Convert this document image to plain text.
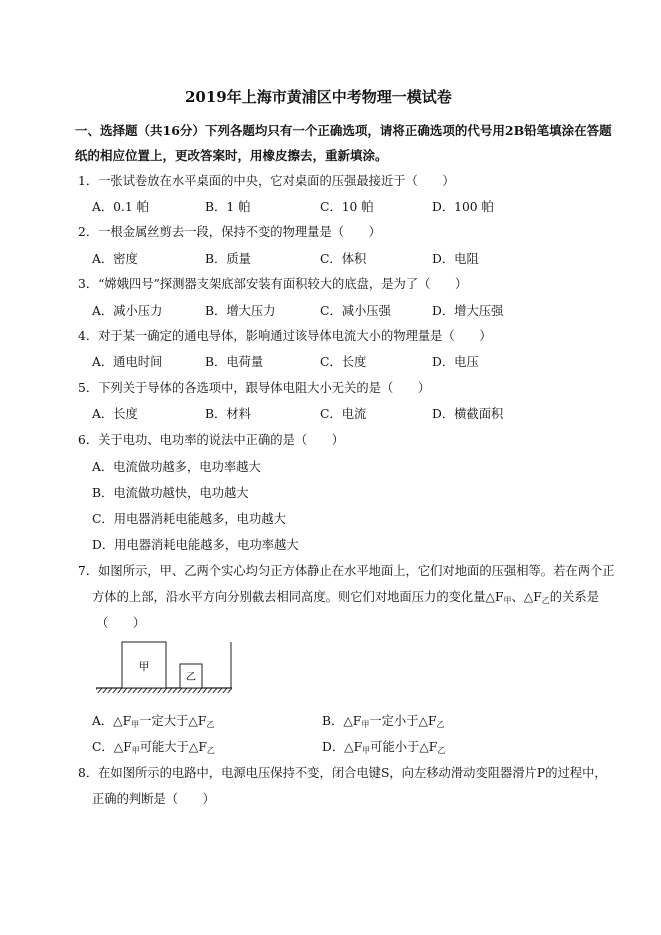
2019年上海市黄浦区中考物理一模试卷
一、选择题（共16分）下列各题均只有一个正确选项，请将正确选项的代号用2B铅笔填涂在答题
纸的相应位置上，更改答案时，用橡皮擦去，重新填涂。
1．一张试卷放在水平桌面的中央，它对桌面的压强最接近于（　　）
A．0.1 帕	B．1 帕	C．10 帕	D．100 帕
2．一根金属丝剪去一段，保持不变的物理量是（　　）
A．密度	B．质量	C．体积	D．电阻
3．“嫦娥四号”探测器支架底部安装有面积较大的底盘，是为了（　　）
A．减小压力	B．增大压力	C．减小压强	D．增大压强
4．对于某一确定的通电导体，影响通过该导体电流大小的物理量是（　　）
A．通电时间	B．电荷量	C．长度	D．电压
5．下列关于导体的各选项中，跟导体电阻大小无关的是（　　）
A．长度	B．材料	C．电流	D．横截面积
6．关于电功、电功率的说法中正确的是（　　）
A．电流做功越多，电功率越大
B．电流做功越快，电功越大
C．用电器消耗电能越多，电功越大
D．用电器消耗电能越多，电功率越大
7．如图所示，甲、乙两个实心均匀正方体静止在水平地面上，它们对地面的压强相等。若在两个正
方体的上部，沿水平方向分别截去相同高度。则它们对地面压力的变化量$\triangle F_甲$、$\triangle F_乙$的关系是
（　　）
甲
乙
A．$\triangle F_甲$一定大于$\triangle F_乙$	B．$\triangle F_甲$一定小于$\triangle F_乙$
C．$\triangle F_甲$可能大于$\triangle F_乙$	D．$\triangle F_甲$可能小于$\triangle F_乙$
8．在如图所示的电路中，电源电压保持不变，闭合电键S，向左移动滑动变阻器滑片P的过程中，
正确的判断是（　　）
